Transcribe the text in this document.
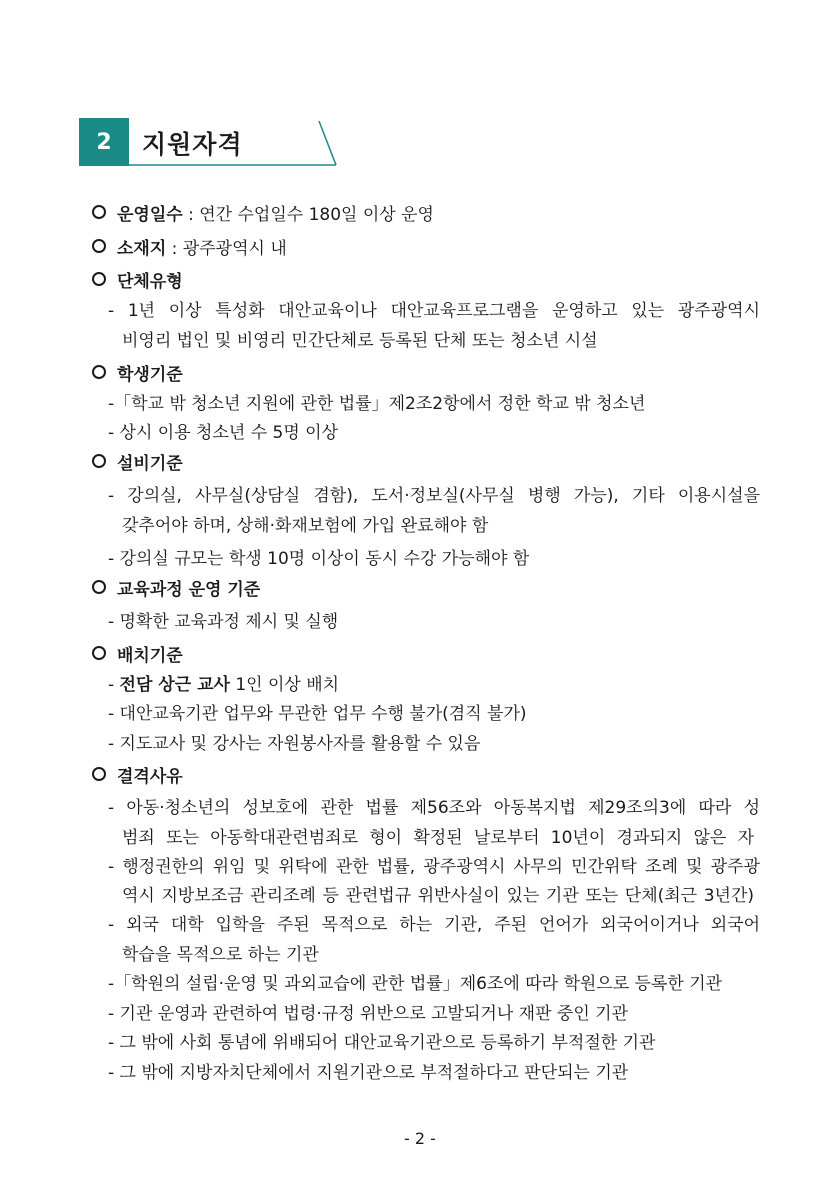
2	지원자격
운영일수 : 연간 수업일수 180일 이상 운영
소재지 : 광주광역시 내
단체유형
- 1년 이상 특성화 대안교육이나 대안교육프로그램을 운영하고 있는 광주광역시
비영리 법인 및 비영리 민간단체로 등록된 단체 또는 청소년 시설
학생기준
-「학교 밖 청소년 지원에 관한 법률」제2조2항에서 정한 학교 밖 청소년
- 상시 이용 청소년 수 5명 이상
설비기준
- 강의실, 사무실(상담실 겸함), 도서·정보실(사무실 병행 가능), 기타 이용시설을
갖추어야 하며, 상해·화재보험에 가입 완료해야 함
- 강의실 규모는 학생 10명 이상이 동시 수강 가능해야 함
교육과정 운영 기준
- 명확한 교육과정 제시 및 실행
배치기준
- 전담 상근 교사 1인 이상 배치
- 대안교육기관 업무와 무관한 업무 수행 불가(겸직 불가)
- 지도교사 및 강사는 자원봉사자를 활용할 수 있음
결격사유
- 아동·청소년의 성보호에 관한 법률 제56조와 아동복지법 제29조의3에 따라 성
범죄 또는 아동학대관련범죄로 형이 확정된 날로부터 10년이 경과되지 않은 자
- 행정권한의 위임 및 위탁에 관한 법률, 광주광역시 사무의 민간위탁 조례 및 광주광
역시 지방보조금 관리조례 등 관련법규 위반사실이 있는 기관 또는 단체(최근 3년간)
- 외국 대학 입학을 주된 목적으로 하는 기관, 주된 언어가 외국어이거나 외국어
학습을 목적으로 하는 기관
-「학원의 설립·운영 및 과외교습에 관한 법률」제6조에 따라 학원으로 등록한 기관
- 기관 운영과 관련하여 법령·규정 위반으로 고발되거나 재판 중인 기관
- 그 밖에 사회 통념에 위배되어 대안교육기관으로 등록하기 부적절한 기관
- 그 밖에 지방자치단체에서 지원기관으로 부적절하다고 판단되는 기관
- 2 -
